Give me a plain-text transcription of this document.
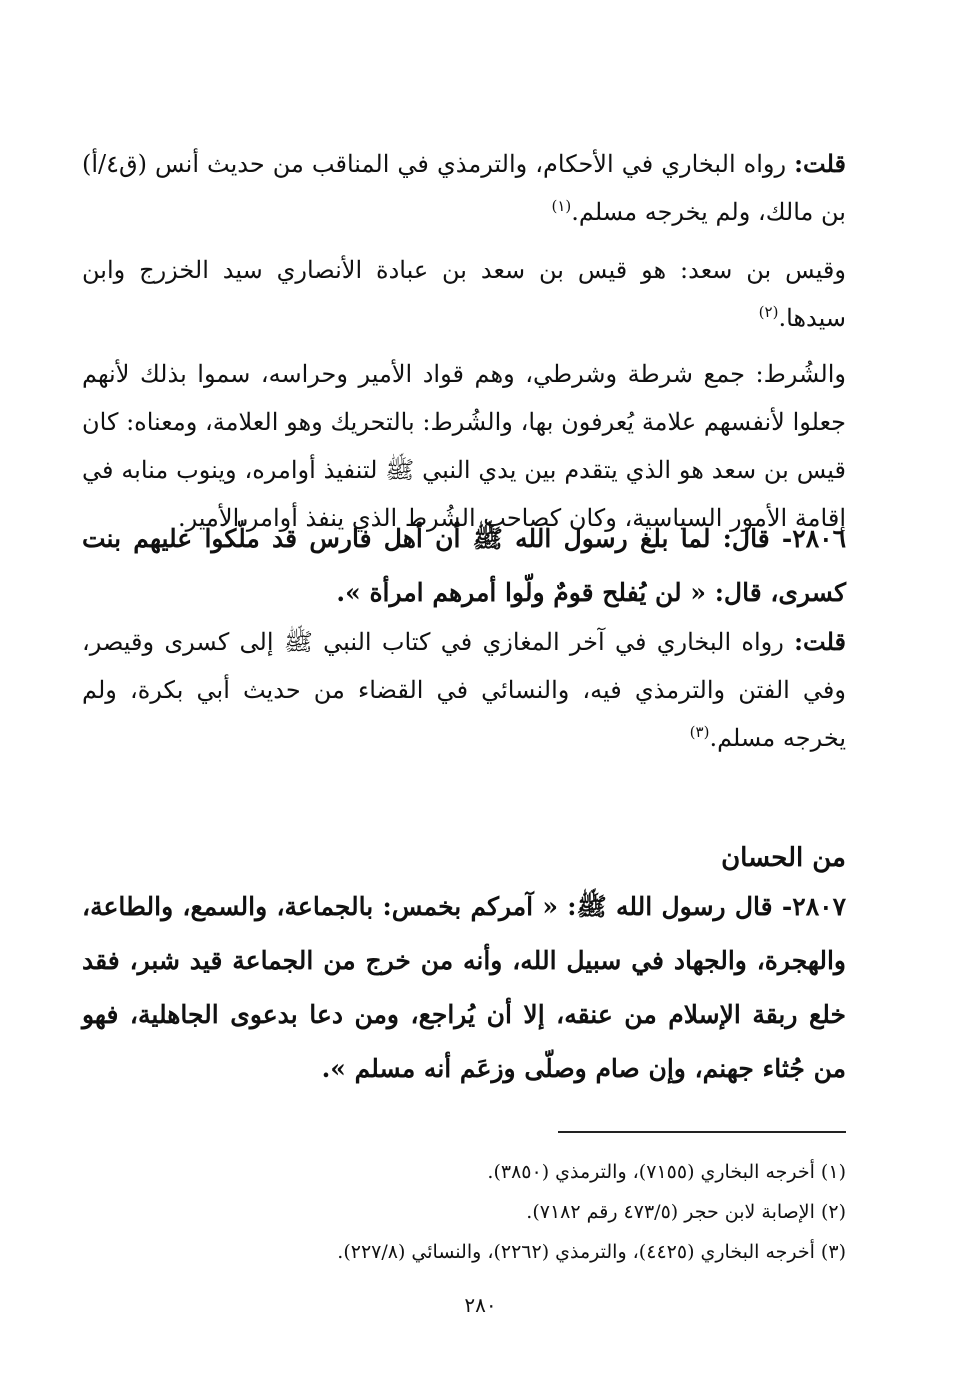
قلت: رواه البخاري في الأحكام، والترمذي في المناقب من حديث أنس (ق٤/أ) بن مالك، ولم يخرجه مسلم.$^{(١)}$

وقيس بن سعد: هو قيس بن سعد بن عبادة الأنصاري سيد الخزرج وابن سيدها.$^{(٢)}$

والشُرط: جمع شرطة وشرطي، وهم قواد الأمير وحراسه، سموا بذلك لأنهم جعلوا لأنفسهم علامة يُعرفون بها، والشُرط: بالتحريك وهو العلامة، ومعناه: كان قيس بن سعد هو الذي يتقدم بين يدي النبي ﷺ لتنفيذ أوامره، وينوب منابه في إقامة الأمور السياسية، وكان كصاحب الشُرط الذي ينفذ أوامر الأمير.

٢٨٠٦- قال: لما بلغ رسول الله ﷺ أن أهل فارس قد ملّكوا عليهم بنت كسرى، قال: « لن يُفلح قومٌ ولّوا أمرهم امرأة ».

قلت: رواه البخاري في آخر المغازي في كتاب النبي ﷺ إلى كسرى وقيصر، وفي الفتن والترمذي فيه، والنسائي في القضاء من حديث أبي بكرة، ولم يخرجه مسلم.$^{(٣)}$

من الحسان

٢٨٠٧- قال رسول الله ﷺ: « آمركم بخمس: بالجماعة، والسمع، والطاعة، والهجرة، والجهاد في سبيل الله، وأنه من خرج من الجماعة قيد شبر، فقد خلع ربقة الإسلام من عنقه، إلا أن يُراجع، ومن دعا بدعوى الجاهلية، فهو من جُثاء جهنم، وإن صام وصلّى وزعَم أنه مسلم ».

(١) أخرجه البخاري (٧١٥٥)، والترمذي (٣٨٥٠).

(٢) الإصابة لابن حجر (٤٧٣/٥ رقم ٧١٨٢).

(٣) أخرجه البخاري (٤٤٢٥)، والترمذي (٢٢٦٢)، والنسائي (٢٢٧/٨).

٢٨٠
